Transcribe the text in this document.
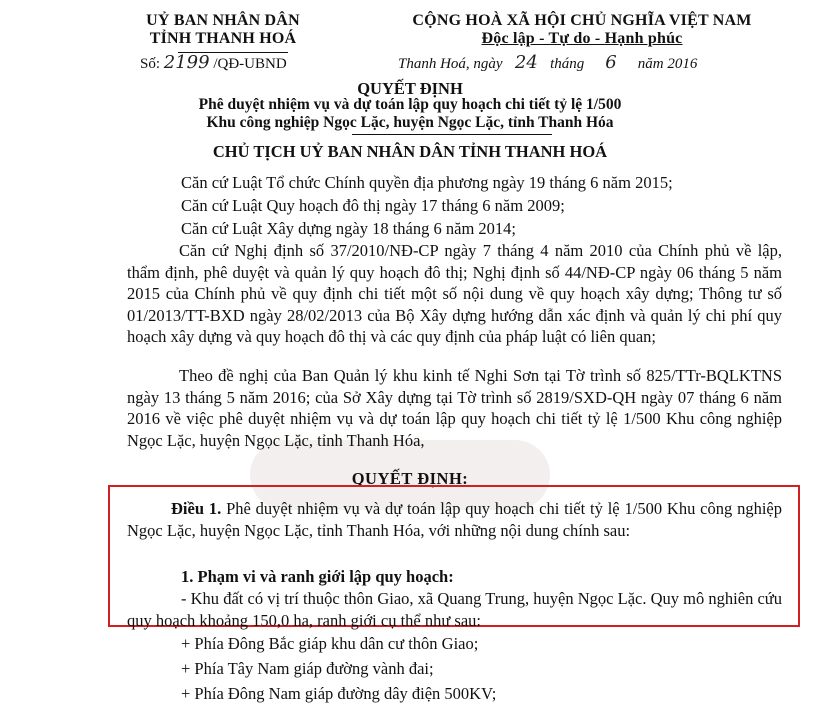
UỶ BAN NHÂN DÂN
TỈNH THANH HOÁ
Số: 2199 /QĐ-UBND
CỘNG HOÀ XÃ HỘI CHỦ NGHĨA VIỆT NAM
Độc lập - Tự do - Hạnh phúc
Thanh Hoá, ngày 24 tháng 6 năm 2016
QUYẾT ĐỊNH
Phê duyệt nhiệm vụ và dự toán lập quy hoạch chi tiết tỷ lệ 1/500
Khu công nghiệp Ngọc Lặc, huyện Ngọc Lặc, tỉnh Thanh Hóa
CHỦ TỊCH UỶ BAN NHÂN DÂN TỈNH THANH HOÁ
Căn cứ Luật Tổ chức Chính quyền địa phương ngày 19 tháng 6 năm 2015;
Căn cứ Luật Quy hoạch đô thị ngày 17 tháng 6 năm 2009;
Căn cứ Luật Xây dựng ngày 18 tháng 6 năm 2014;
Căn cứ Nghị định số 37/2010/NĐ-CP ngày 7 tháng 4 năm 2010 của Chính phủ về lập, thẩm định, phê duyệt và quản lý quy hoạch đô thị; Nghị định số 44/NĐ-CP ngày 06 tháng 5 năm 2015 của Chính phủ về quy định chi tiết một số nội dung về quy hoạch xây dựng; Thông tư số 01/2013/TT-BXD ngày 28/02/2013 của Bộ Xây dựng hướng dẫn xác định và quản lý chi phí quy hoạch xây dựng và quy hoạch đô thị và các quy định của pháp luật có liên quan;
Theo đề nghị của Ban Quản lý khu kinh tế Nghi Sơn tại Tờ trình số 825/TTr-BQLKTNS ngày 13 tháng 5 năm 2016; của Sở Xây dựng tại Tờ trình số 2819/SXD-QH ngày 07 tháng 6 năm 2016 về việc phê duyệt nhiệm vụ và dự toán lập quy hoạch chi tiết tỷ lệ 1/500 Khu công nghiệp Ngọc Lặc, huyện Ngọc Lặc, tỉnh Thanh Hóa,
QUYẾT ĐỊNH:
Điều 1. Phê duyệt nhiệm vụ và dự toán lập quy hoạch chi tiết tỷ lệ 1/500 Khu công nghiệp Ngọc Lặc, huyện Ngọc Lặc, tỉnh Thanh Hóa, với những nội dung chính sau:
1. Phạm vi và ranh giới lập quy hoạch:
- Khu đất có vị trí thuộc thôn Giao, xã Quang Trung, huyện Ngọc Lặc. Quy mô nghiên cứu quy hoạch khoảng 150,0 ha, ranh giới cụ thể như sau:
+ Phía Đông Bắc giáp khu dân cư thôn Giao;
+ Phía Tây Nam giáp đường vành đai;
+ Phía Đông Nam giáp đường dây điện 500KV;
